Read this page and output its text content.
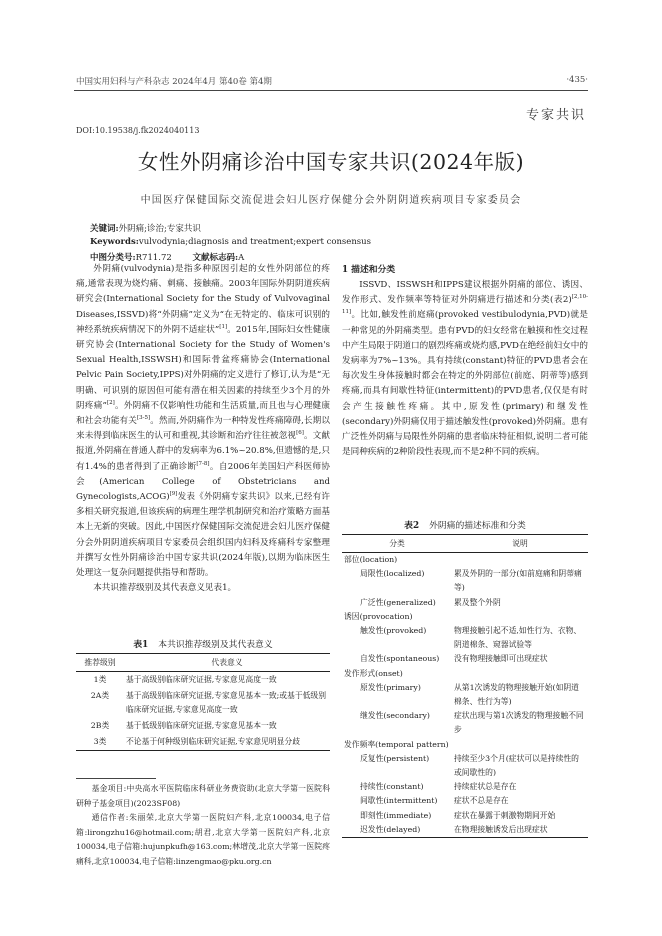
中国实用妇科与产科杂志 2024年4月 第40卷 第4期	·435·
专家共识
DOI:10.19538/j.fk2024040113
女性外阴痛诊治中国专家共识(2024年版)
中国医疗保健国际交流促进会妇儿医疗保健分会外阴阴道疾病项目专家委员会
关键词:外阴痛;诊治;专家共识
Keywords:vulvodynia;diagnosis and treatment;expert consensus
中图分类号:R711.72 文献标志码:A

外阴痛(vulvodynia)是指多种原因引起的女性外阴部位的疼痛,通常表现为烧灼痛、刺痛、接触痛。2003年国际外阴阴道疾病研究会(International Society for the Study of Vulvovaginal Diseases,ISSVD)将“外阴痛”定义为“在无特定的、临床可识别的神经系统疾病情况下的外阴不适症状”[1]。2015年,国际妇女性健康研究协会(International Society for the Study of Women's Sexual Health,ISSWSH)和国际骨盆疼痛协会(International Pelvic Pain Society,IPPS)对外阴痛的定义进行了修订,认为是“无明确、可识别的原因但可能有潜在相关因素的持续至少3个月的外阴疼痛”[2]。外阴痛不仅影响性功能和生活质量,而且也与心理健康和社会功能有关[3-5]。然而,外阴痛作为一种特发性疼痛障碍,长期以来未得到临床医生的认可和重视,其诊断和治疗往往被忽视[6]。文献报道,外阴痛在普通人群中的发病率为6.1%~20.8%,但遗憾的是,只有1.4%的患者得到了正确诊断[7-8]。自2006年美国妇产科医师协会(American College of Obstetricians and Gynecologists,ACOG)[9]发表《外阴痛专家共识》以来,已经有许多相关研究报道,但该疾病的病理生理学机制研究和治疗策略方面基本上无新的突破。因此,中国医疗保健国际交流促进会妇儿医疗保健分会外阴阴道疾病项目专家委员会组织国内妇科及疼痛科专家整理并撰写女性外阴痛诊治中国专家共识(2024年版),以期为临床医生处理这一复杂问题提供指导和帮助。

本共识推荐级别及其代表意义见表1。

表1 本共识推荐级别及其代表意义
推荐级别	代表意义
1类	基于高级别临床研究证据,专家意见高度一致
2A类	基于高级别临床研究证据,专家意见基本一致;或基于低级别临床研究证据,专家意见高度一致
2B类	基于低级别临床研究证据,专家意见基本一致
3类	不论基于何种级别临床研究证据,专家意见明显分歧

基金项目:中央高水平医院临床科研业务费资助(北京大学第一医院科研种子基金项目)(2023SF08)

通信作者:朱丽荣,北京大学第一医院妇产科,北京100034,电子信箱:lirongzhu16@hotmail.com;胡君,北京大学第一医院妇产科,北京100034,电子信箱:hujunpkufh@163.com;林增茂,北京大学第一医院疼痛科,北京100034,电子信箱:linzengmao@pku.org.cn

1 描述和分类

ISSVD、ISSWSH和IPPS建议根据外阴痛的部位、诱因、发作形式、发作频率等特征对外阴痛进行描述和分类(表2)[2,10-11]。比如,触发性前庭痛(provoked vestibulodynia,PVD)就是一种常见的外阴痛类型。患有PVD的妇女经常在触摸和性交过程中产生局限于阴道口的剧烈疼痛或烧灼感,PVD在绝经前妇女中的发病率为7%~13%。具有持续(constant)特征的PVD患者会在每次发生身体接触时都会在特定的外阴部位(前庭、阴蒂等)感到疼痛,而具有间歇性特征(intermittent)的PVD患者,仅仅是有时会产生接触性疼痛。其中,原发性(primary)和继发性(secondary)外阴痛仅用于描述触发性(provoked)外阴痛。患有广泛性外阴痛与局限性外阴痛的患者临床特征相似,说明二者可能是同种疾病的2种阶段性表现,而不是2种不同的疾病。

表2 外阴痛的描述标准和分类
分类	说明
部位(location)	
局限性(localized)	累及外阴的一部分(如前庭痛和阴蒂痛等)
广泛性(generalized)	累及整个外阴
诱因(provocation)	
触发性(provoked)	物理接触引起不适,如性行为、衣物、阴道棉条、窥器试验等
自发性(spontaneous)	没有物理接触即可出现症状
发作形式(onset)	
原发性(primary)	从第1次诱发的物理接触开始(如阴道棉条、性行为等)
继发性(secondary)	症状出现与第1次诱发的物理接触不同步
发作频率(temporal pattern)	
反复性(persistent)	持续至少3个月(症状可以是持续性的或间歇性的)
持续性(constant)	持续症状总是存在
间歇性(intermittent)	症状不总是存在
即刻性(immediate)	症状在暴露于刺激物期间开始
迟发性(delayed)	在物理接触诱发后出现症状
